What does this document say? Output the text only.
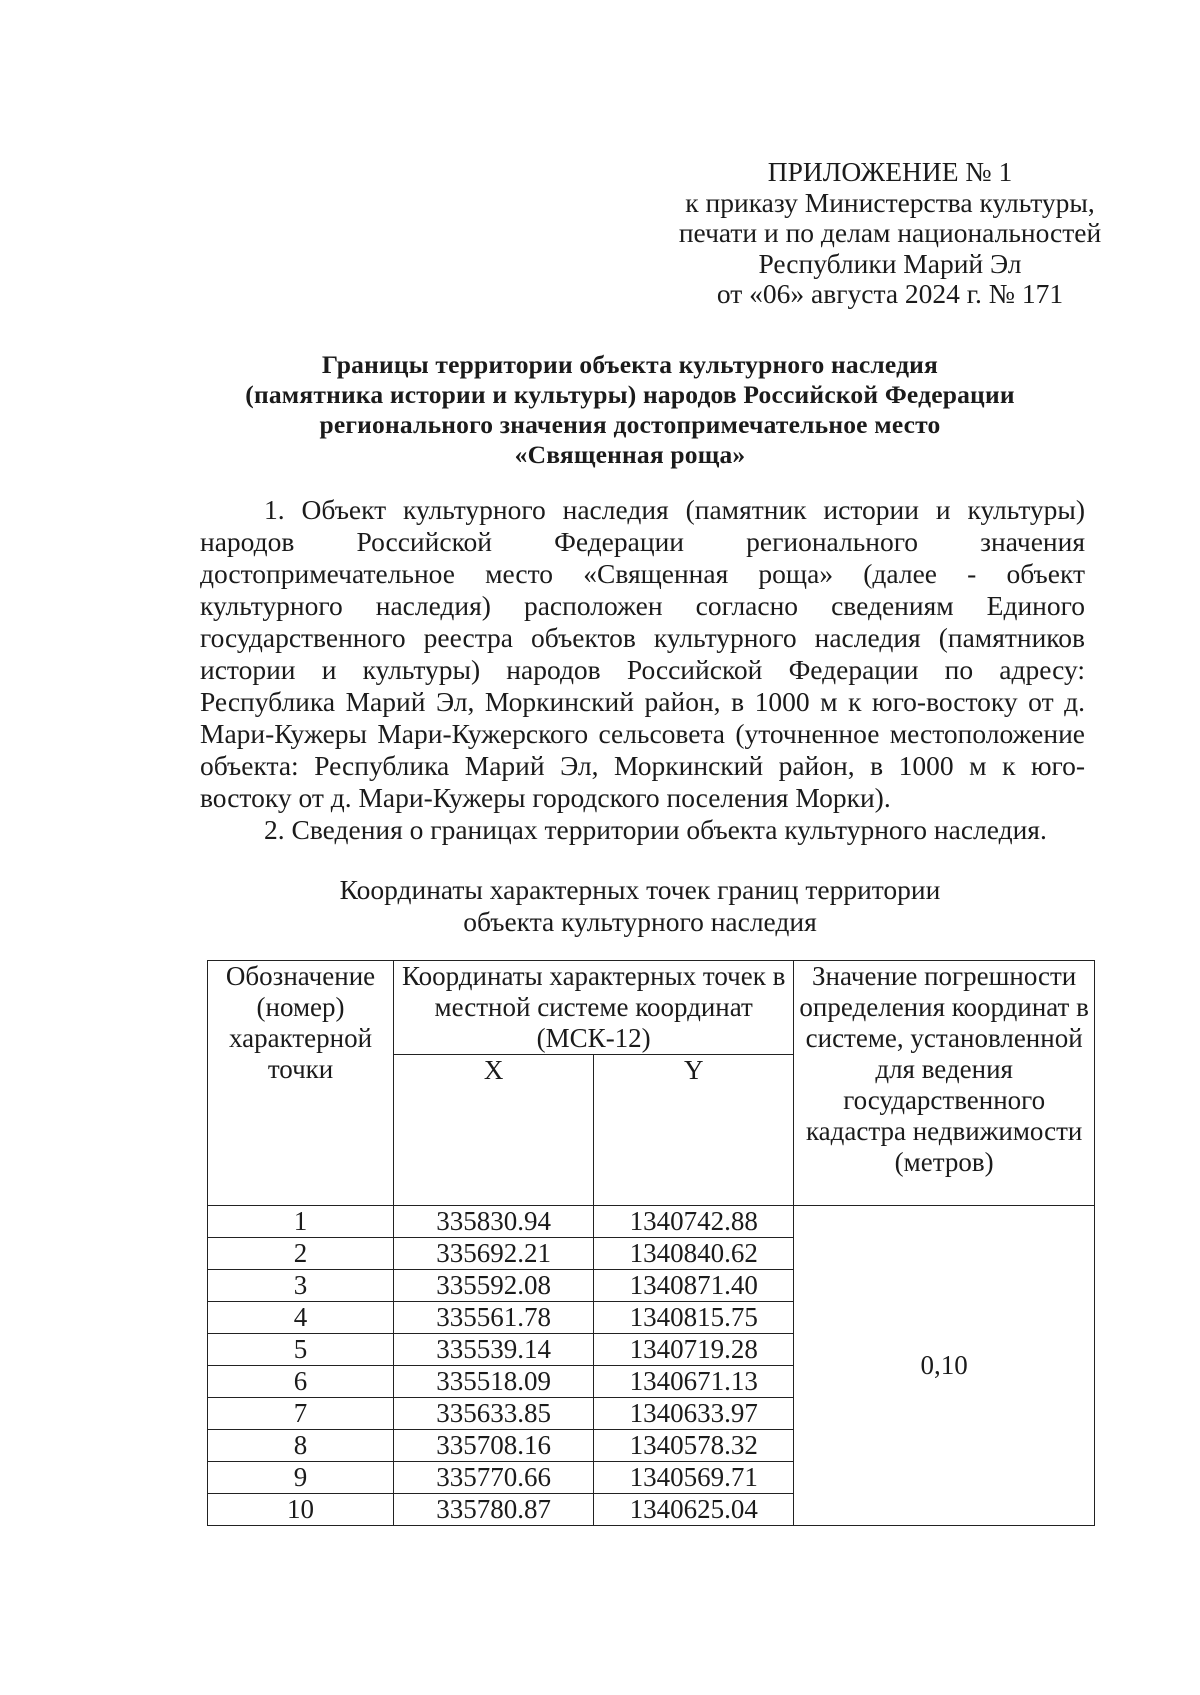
ПРИЛОЖЕНИЕ № 1
к приказу Министерства культуры,
печати и по делам национальностей
Республики Марий Эл
от «06» августа 2024 г. № 171
Границы территории объекта культурного наследия
(памятника истории и культуры) народов Российской Федерации
регионального значения достопримечательное место
«Священная роща»

1. Объект культурного наследия (памятник истории и культуры) народов Российской Федерации регионального значения достопримечательное место «Священная роща» (далее - объект культурного наследия) расположен согласно сведениям Единого государственного реестра объектов культурного наследия (памятников истории и культуры) народов Российской Федерации по адресу: Республика Марий Эл, Моркинский район, в 1000 м к юго-востоку от д. Мари-Кужеры Мари-Кужерского сельсовета (уточненное местоположение объекта: Республика Марий Эл, Моркинский район, в 1000 м к юго-востоку от д. Мари-Кужеры городского поселения Морки).

2. Сведения о границах территории объекта культурного наследия.

Координаты характерных точек границ территории
объекта культурного наследия
Обозначение (номер) характерной точки	Координаты характерных точек в местной системе координат (МСК-12)		Значение погрешности определения координат в системе, установленной для ведения государственного кадастра недвижимости (метров)
	X	Y	
1	335830.94	1340742.88	0,10
2	335692.21	1340840.62	
3	335592.08	1340871.40	
4	335561.78	1340815.75	
5	335539.14	1340719.28	
6	335518.09	1340671.13	
7	335633.85	1340633.97	
8	335708.16	1340578.32	
9	335770.66	1340569.71	
10	335780.87	1340625.04	
